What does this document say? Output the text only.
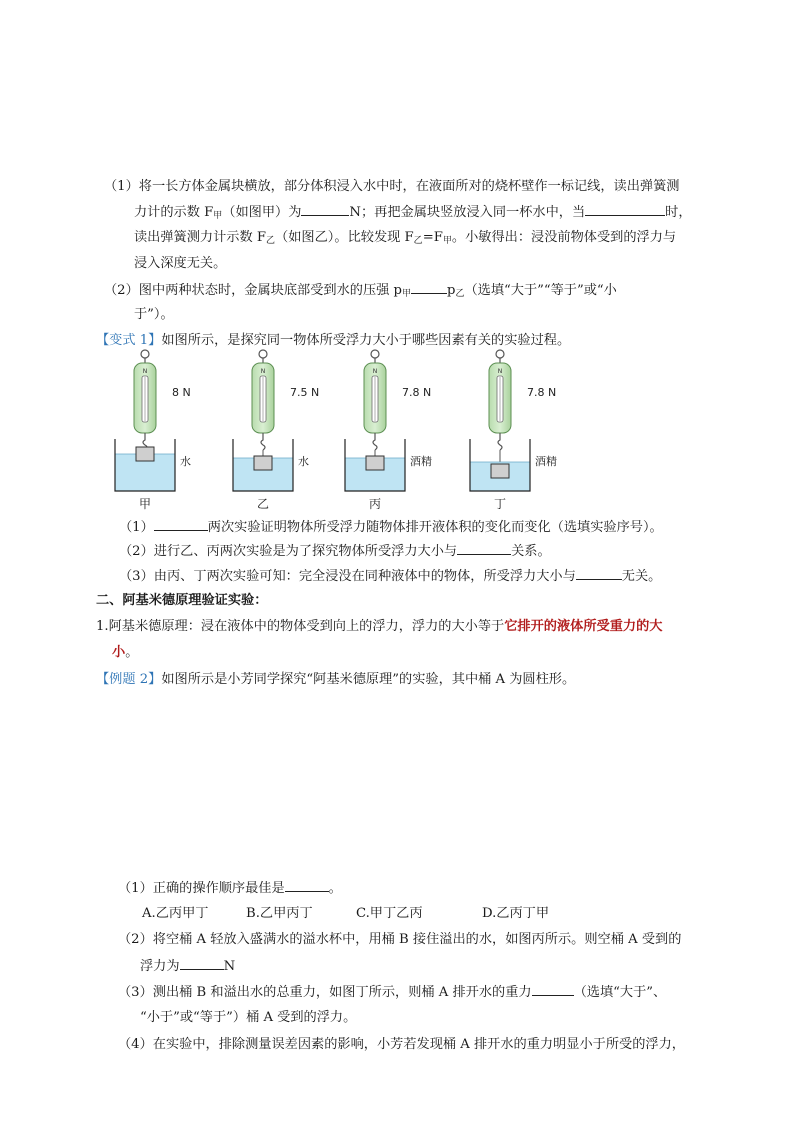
（1）将一长方体金属块横放，部分体积浸入水中时，在液面所对的烧杯壁作一标记线，读出弹簧测
力计的示数 $F_甲$（如图甲）为	N；再把金属块竖放浸入同一杯水中，当	时，
读出弹簧测力计示数 $F_乙$（如图乙）。比较发现 $F_乙=F_甲$。小敏得出：浸没前物体受到的浮力与
浸入深度无关。
（2）图中两种状态时，金属块底部受到水的压强 $p_甲$	$p_乙$（选填“大于”“等于”或“小
于”）。
【变式 1】如图所示，是探究同一物体所受浮力大小于哪些因素有关的实验过程。
N
8 N
水
甲
N
7.5 N
水
乙
N
7.8 N
酒精
丙
N
7.8 N
酒精
丁
（1）	两次实验证明物体所受浮力随物体排开液体积的变化而变化（选填实验序号）。
（2）进行乙、丙两次实验是为了探究物体所受浮力大小与	关系。
（3）由丙、丁两次实验可知：完全浸没在同种液体中的物体，所受浮力大小与	无关。
二、阿基米德原理验证实验：
1.阿基米德原理：浸在液体中的物体受到向上的浮力，浮力的大小等于它排开的液体所受重力的大
小。
【例题 2】如图所示是小芳同学探究“阿基米德原理”的实验，其中桶 A 为圆柱形。
（1）正确的操作顺序最佳是	。
A.乙丙甲丁	B.乙甲丙丁	C.甲丁乙丙	D.乙丙丁甲
（2）将空桶 A 轻放入盛满水的溢水杯中，用桶 B 接住溢出的水，如图丙所示。则空桶 A 受到的
浮力为	N
（3）测出桶 B 和溢出水的总重力，如图丁所示，则桶 A 排开水的重力	（选填“大于”、
“小于”或“等于”）桶 A 受到的浮力。
（4）在实验中，排除测量误差因素的影响，小芳若发现桶 A 排开水的重力明显小于所受的浮力，
